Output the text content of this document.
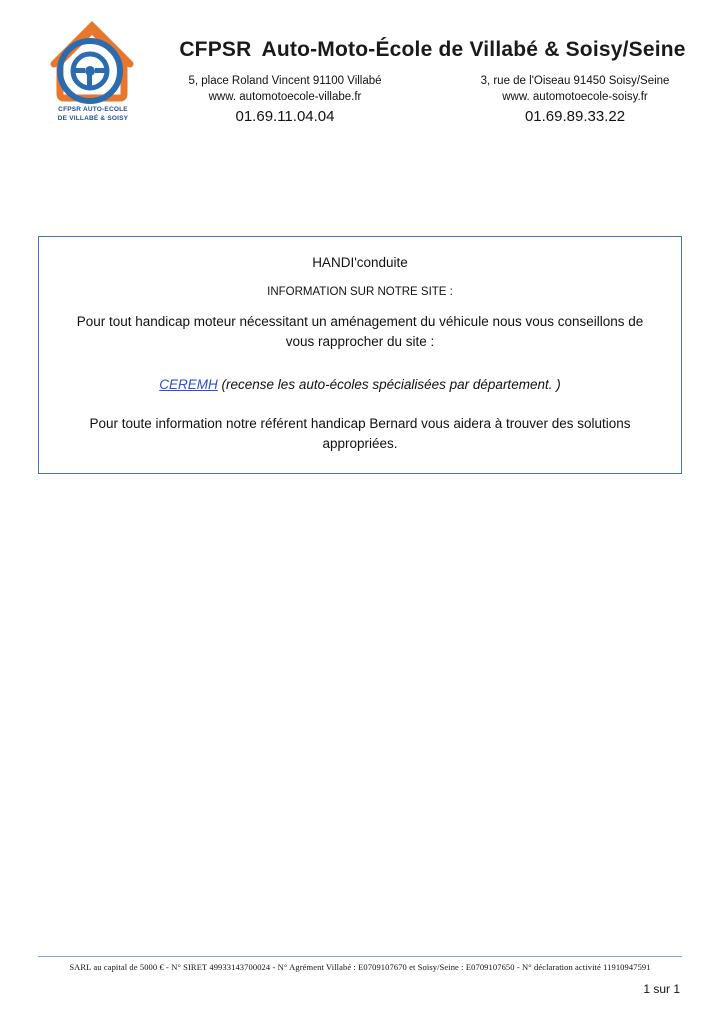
CFPSR AUTO-ECOLE
DE VILLABÉ & SOISY
CFPSR Auto-Moto-École de Villabé & Soisy/Seine
5, place Roland Vincent 91100 Villabé
www. automotoecole-villabe.fr
01.69.11.04.04
3, rue de l'Oiseau 91450 Soisy/Seine
www. automotoecole-soisy.fr
01.69.89.33.22
HANDI'conduite
INFORMATION SUR NOTRE SITE :
Pour tout handicap moteur nécessitant un aménagement du véhicule nous vous conseillons de vous rapprocher du site :
CEREMH (recense les auto-écoles spécialisées par département. )
Pour toute information notre référent handicap Bernard vous aidera à trouver des solutions appropriées.
SARL au capital de 5000 € - N° SIRET 49933143700024 - N° Agrément Villabé : E0709107670 et Soisy/Seine : E0709107650 - N° déclaration activité 11910947591
1 sur 1
